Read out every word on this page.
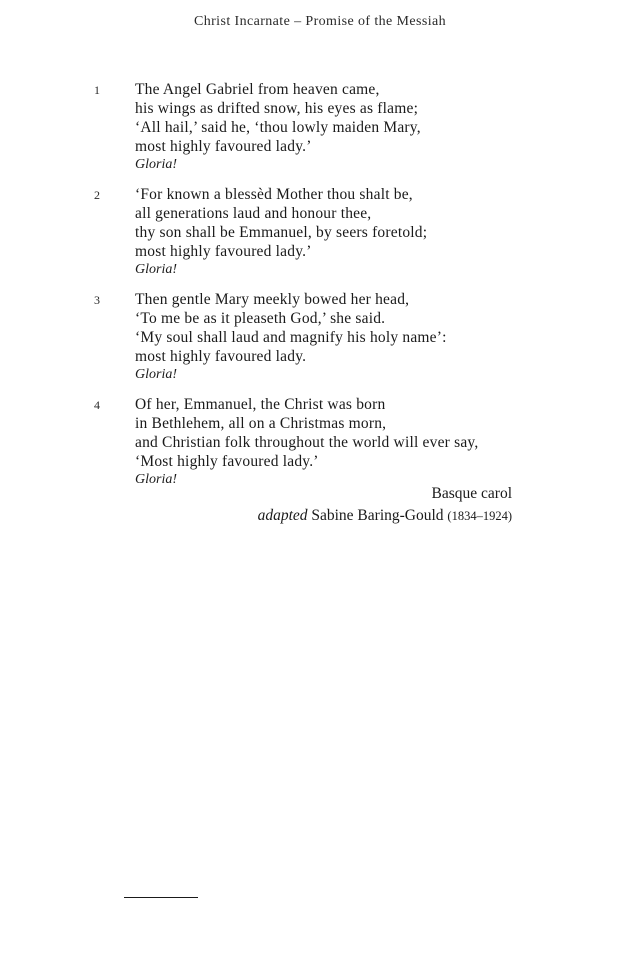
Christ Incarnate – Promise of the Messiah
1 The Angel Gabriel from heaven came,
his wings as drifted snow, his eyes as flame;
‘All hail,’ said he, ‘thou lowly maiden Mary,
most highly favoured lady.’
Gloria!
2 ‘For known a blessèd Mother thou shalt be,
all generations laud and honour thee,
thy son shall be Emmanuel, by seers foretold;
most highly favoured lady.’
Gloria!
3 Then gentle Mary meekly bowed her head,
‘To me be as it pleaseth God,’ she said.
‘My soul shall laud and magnify his holy name’:
most highly favoured lady.
Gloria!
4 Of her, Emmanuel, the Christ was born
in Bethlehem, all on a Christmas morn,
and Christian folk throughout the world will ever say,
‘Most highly favoured lady.’
Gloria!
Basque carol
adapted Sabine Baring-Gould (1834–1924)
